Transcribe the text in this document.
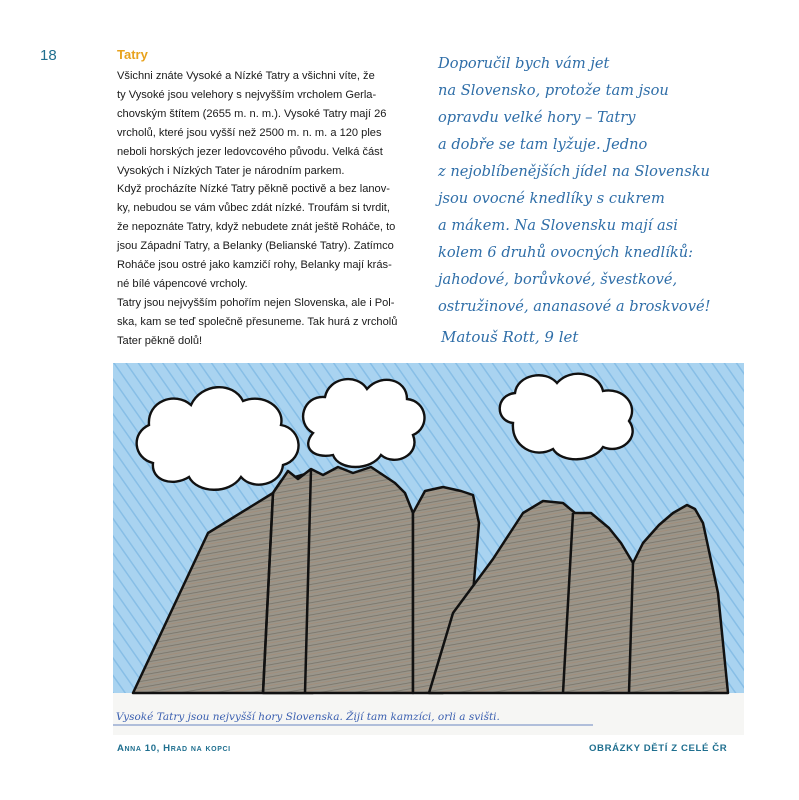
18	Tatry

Všichni znáte Vysoké a Nízké Tatry a všichni víte, že
ty Vysoké jsou velehory s nejvyšším vrcholem Gerla-
chovským štítem (2655 m. n. m.). Vysoké Tatry mají 26
vrcholů, které jsou vyšší než 2500 m. n. m. a 120 ples
neboli horských jezer ledovcového původu. Velká část
Vysokých i Nízkých Tater je národním parkem.

Když procházíte Nízké Tatry pěkně poctivě a bez lanov-
ky, nebudou se vám vůbec zdát nízké. Troufám si tvrdit,
že nepoznáte Tatry, když nebudete znát ještě Roháče, to
jsou Západní Tatry, a Belanky (Belianské Tatry). Zatímco
Roháče jsou ostré jako kamzičí rohy, Belanky mají krás-
né bílé vápencové vrcholy.

Tatry jsou nejvyšším pohořím nejen Slovenska, ale i Pol-
ska, kam se teď společně přesuneme. Tak hurá z vrcholů
Tater pěkně dolů!

Doporučil bych vám jet
na Slovensko, protože tam jsou
opravdu velké hory – Tatry
a dobře se tam lyžuje. Jedno
z nejoblíbenějších jídel na Slovensku
jsou ovocné knedlíky s cukrem
a mákem. Na Slovensku mají asi
kolem 6 druhů ovocných knedlíků:
jahodové, borůvkové, švestkové,
ostružinové, ananasové a broskvové!
Matouš Rott, 9 let
Vysoké Tatry jsou nejvyšší hory Slovenska. Žijí tam kamzíci, orli a svišti.
Anna 10, Hrad na kopci	OBRÁZKY DĚTÍ Z CELÉ ČR
